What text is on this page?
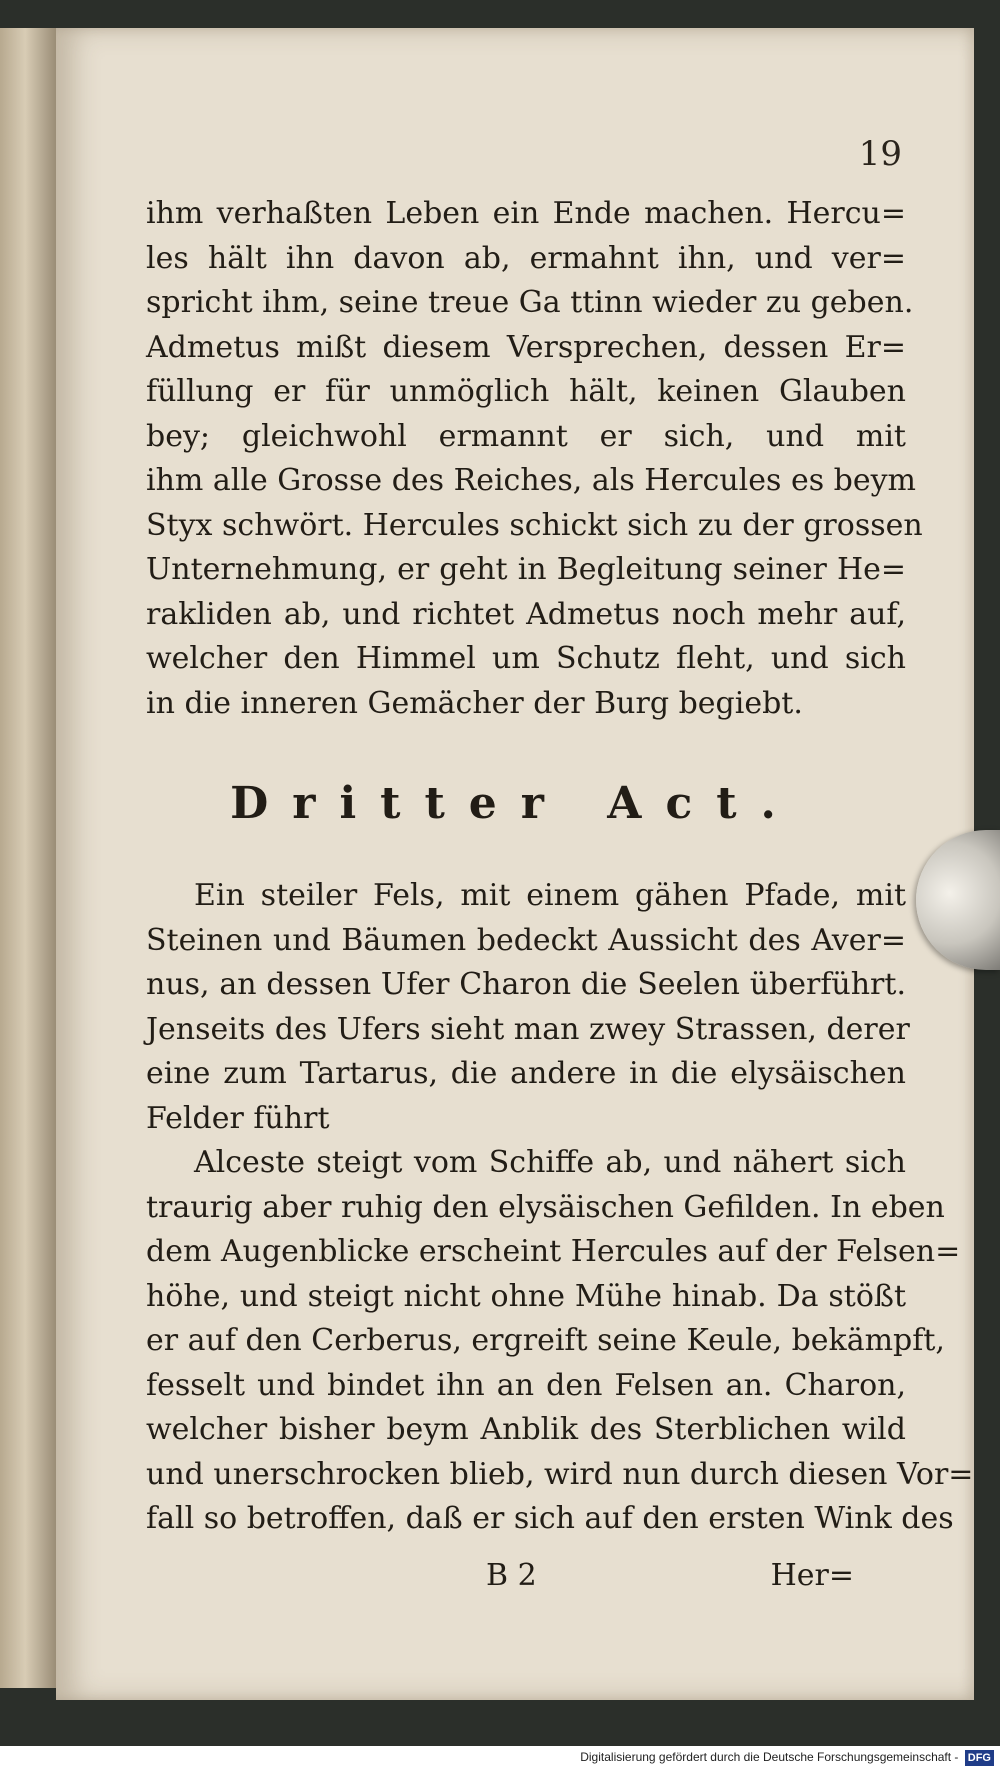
19
ihm verhaßten Leben ein Ende machen. Hercu=
les hält ihn davon ab, ermahnt ihn, und ver=
spricht ihm, seine treue Ga ttinn wieder zu geben.
Admetus mißt diesem Versprechen, dessen Er=
füllung er für unmöglich hält, keinen Glauben
bey; gleichwohl ermannt er sich, und mit
ihm alle Grosse des Reiches, als Hercules es beym
Styx schwört. Hercules schickt sich zu der grossen
Unternehmung, er geht in Begleitung seiner He=
rakliden ab, und richtet Admetus noch mehr auf,
welcher den Himmel um Schutz fleht, und sich
in die inneren Gemächer der Burg begiebt.
Dritter Act.
Ein steiler Fels, mit einem gähen Pfade, mit
Steinen und Bäumen bedeckt Aussicht des Aver=
nus, an dessen Ufer Charon die Seelen überführt.
Jenseits des Ufers sieht man zwey Strassen, derer
eine zum Tartarus, die andere in die elysäischen
Felder führt
Alceste steigt vom Schiffe ab, und nähert sich
traurig aber ruhig den elysäischen Gefilden. In eben
dem Augenblicke erscheint Hercules auf der Felsen=
höhe, und steigt nicht ohne Mühe hinab. Da stößt
er auf den Cerberus, ergreift seine Keule, bekämpft,
fesselt und bindet ihn an den Felsen an. Charon,
welcher bisher beym Anblik des Sterblichen wild
und unerschrocken blieb, wird nun durch diesen Vor=
fall so betroffen, daß er sich auf den ersten Wink des
B 2	Her=
Digitalisierung gefördert durch die Deutsche Forschungsgemeinschaft - DFG
